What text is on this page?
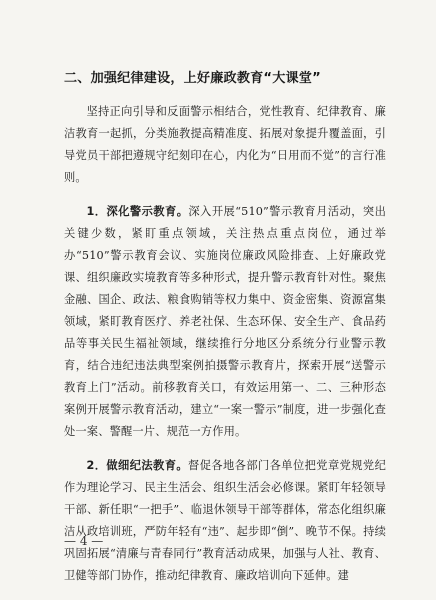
二、加强纪律建设，上好廉政教育“大课堂”

坚持正向引导和反面警示相结合，党性教育、纪律教育、廉洁教育一起抓，分类施教提高精准度、拓展对象提升覆盖面，引导党员干部把遵规守纪刻印在心，内化为“日用而不觉”的言行准则。

1．深化警示教育。深入开展“510”警示教育月活动，突出关键少数，紧盯重点领域，关注热点重点岗位，通过举办“510”警示教育会议、实施岗位廉政风险排查、上好廉政党课、组织廉政实境教育等多种形式，提升警示教育针对性。聚焦金融、国企、政法、粮食购销等权力集中、资金密集、资源富集领域，紧盯教育医疗、养老社保、生态环保、安全生产、食品药品等事关民生福祉领域，继续推行分地区分系统分行业警示教育，结合违纪违法典型案例拍摄警示教育片，探索开展“送警示教育上门”活动。前移教育关口，有效运用第一、二、三种形态案例开展警示教育活动，建立“一案一警示”制度，进一步强化查处一案、警醒一片、规范一方作用。

2．做细纪法教育。督促各地各部门各单位把党章党规党纪作为理论学习、民主生活会、组织生活会必修课。紧盯年轻领导干部、新任职“一把手”、临退休领导干部等群体，常态化组织廉洁从政培训班，严防年轻有“违”、起步即“倒”、晚节不保。持续巩固拓展“清廉与青春同行”教育活动成果，加强与人社、教育、卫健等部门协作，推动纪律教育、廉政培训向下延伸。建

— 4 —
